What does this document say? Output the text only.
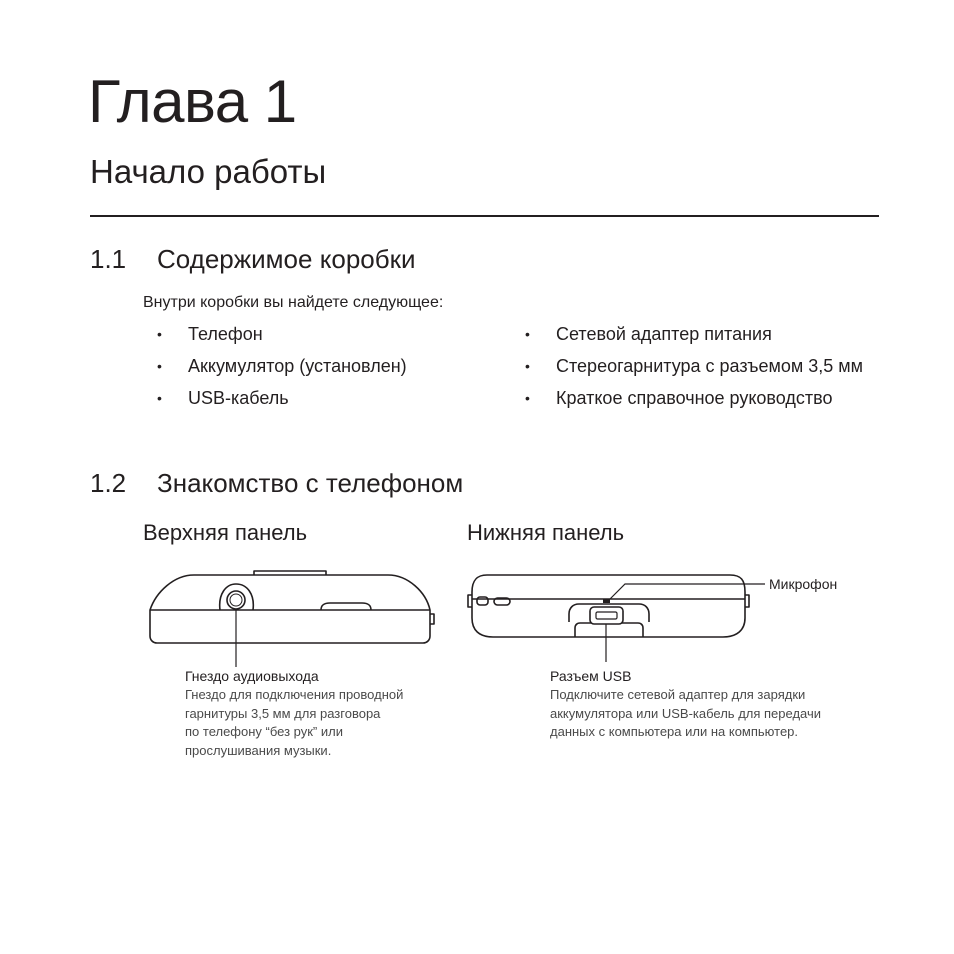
Глава 1
Начало работы
1.1 Содержимое коробки
Внутри коробки вы найдете следующее:
• Телефон
• Аккумулятор (установлен)
• USB-кабель
• Сетевой адаптер питания
• Стереогарнитура с разъемом 3,5 мм
• Краткое справочное руководство
1.2 Знакомство с телефоном
Верхняя панель	Нижняя панель
Гнездо аудиовыхода
Гнездо для подключения проводной
гарнитуры 3,5 мм для разговора
по телефону “без рук” или
прослушивания музыки.
Микрофон
Разъем USB
Подключите сетевой адаптер для зарядки
аккумулятора или USB-кабель для передачи
данных с компьютера или на компьютер.
